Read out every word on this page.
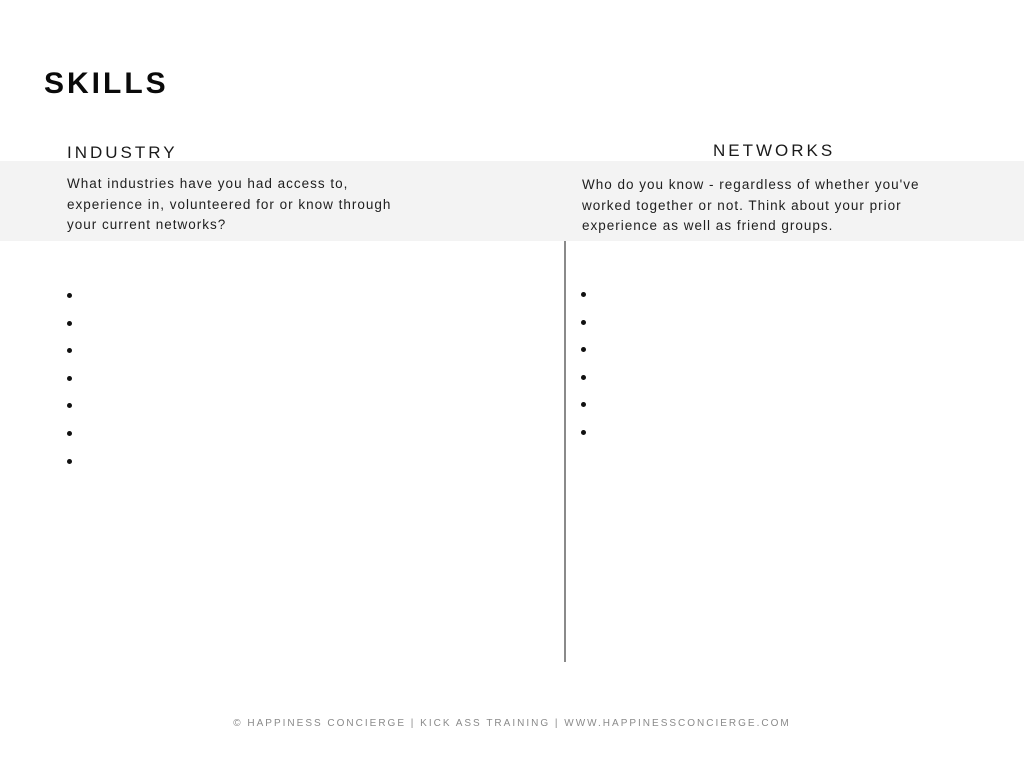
SKILLS
INDUSTRY	NETWORKS

What industries have you had access to, experience in, volunteered for or know through your current networks?

Who do you know - regardless of whether you've worked together or not. Think about your prior experience as well as friend groups.

© HAPPINESS CONCIERGE | KICK ASS TRAINING | WWW.HAPPINESSCONCIERGE.COM
